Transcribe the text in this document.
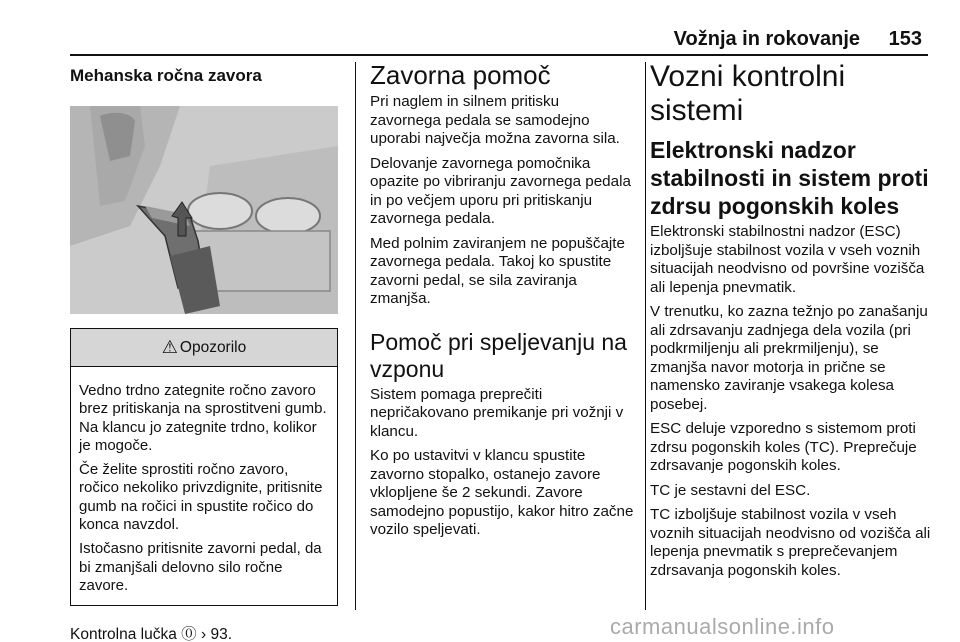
Vožnja in rokovanje 153
Mehanska ročna zavora
⚠ Opozorilo

Vedno trdno zategnite ročno zavoro brez pritiskanja na sprostitveni gumb. Na klancu jo zategnite trdno, kolikor je mogoče.

Če želite sprostiti ročno zavoro, ročico nekoliko privzdignite, pritisnite gumb na ročici in spustite ročico do konca navzdol.

Istočasno pritisnite zavorni pedal, da bi zmanjšali delovno silo ročne zavore.

Kontrolna lučka ⓪ › 93.
Zavorna pomoč

Pri naglem in silnem pritisku zavornega pedala se samodejno uporabi največja možna zavorna sila.

Delovanje zavornega pomočnika opazite po vibriranju zavornega pedala in po večjem uporu pri pritiskanju zavornega pedala.

Med polnim zaviranjem ne popuščajte zavornega pedala. Takoj ko spustite zavorni pedal, se sila zaviranja zmanjša.

Pomoč pri speljevanju na vzponu

Sistem pomaga preprečiti nepričakovano premikanje pri vožnji v klancu.

Ko po ustavitvi v klancu spustite zavorno stopalko, ostanejo zavore vklopljene še 2 sekundi. Zavore samodejno popustijo, kakor hitro začne vozilo speljevati.

Vozni kontrolni sistemi
Elektronski nadzor stabilnosti in sistem proti zdrsu pogonskih koles

Elektronski stabilnostni nadzor (ESC) izboljšuje stabilnost vozila v vseh voznih situacijah neodvisno od površine vozišča ali lepenja pnevmatik.

V trenutku, ko zazna težnjo po zanašanju ali zdrsavanju zadnjega dela vozila (pri podkrmiljenju ali prekrmiljenju), se zmanjša navor motorja in prične se namensko zaviranje vsakega kolesa posebej.

ESC deluje vzporedno s sistemom proti zdrsu pogonskih koles (TC). Preprečuje zdrsavanje pogonskih koles.

TC je sestavni del ESC.

TC izboljšuje stabilnost vozila v vseh voznih situacijah neodvisno od vozišča ali lepenja pnevmatik s preprečevanjem zdrsavanja pogonskih koles.

carmanualsonline.info
